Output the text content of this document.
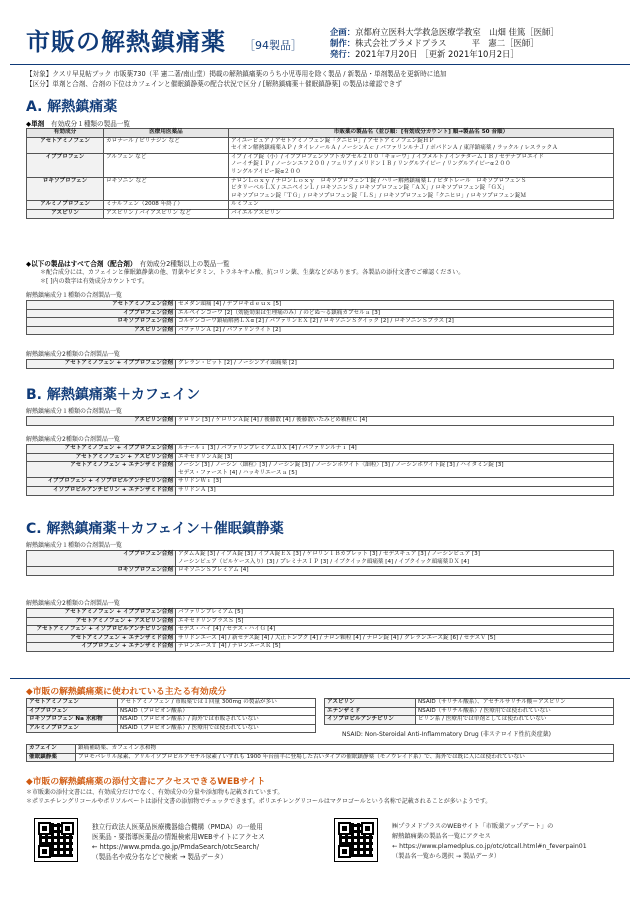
市販の解熱鎮痛薬 ［94製品］
企画：京都府立医科大学救急医療学教室　山畑 佳篤［医師］
制作：株式会社プラメドプラス　　　平　憲二［医師］
発行：2021年7月20日 ［更新 2021年10月2日］
【対象】クスリ早見帖ブック 市販薬730（平 憲二著/南山堂）掲載の解熱鎮痛薬のうち小児専用を除く製品 / 新製品・単剤製品を更新時に追加
【区分】単剤と合剤、合剤の下位はカフェインと催眠鎮静薬の配合状況で区分 / [解熱鎮痛薬＋催眠鎮静薬] の製品は確認できず
A. 解熱鎮痛薬
◆単剤　 有効成分１種類の製品一覧
有効成分	医療用医薬品	市販薬の製品名（並び順：[有効成分カウント] 順→製品名 50 音順）
アセトアミノフェン	カロナール / ピリナジン など	アイユーピュア / アセトアミノフェン錠「クニヒロ」/ アセトアミノフェン錠ＨＰ
セイオン解熱鎮痛薬ＡＰ / タイレノールＡ / ノーシンＡｃ / バファリンルナＪ / ポパドンＡ / 東洋鎮痛薬 / ラックル / レスラックＡ
イブプロフェン	ブルフェン など	イブ / イブ錠（小）/ イブプロフェンソフトカプセル２００「キョーワ」/ イブメルト / インテタームＩＢ / セデナプロエイド
ノーイチ錠ＩＰ / ノーシンエフ２００ / フェリア / メリドンＩＢ / リングルアイビー / リングルアイビーα２００
リングルアイビー錠α２００
ロキソプロフェン	ロキソニン など	ナロンＬｏｘｙ / ナロンＬｏｘｙ　ロキソプロフェンＴ錠 / ハリー解熱鎮痛薬Ｌ / ピタトレール　ロキソプロフェンＳ
ビタリーベルＬＸ / ユニペインＬ / ロキソニンＳ / ロキソプロフェン錠「ＡＸ」/ ロキソプロフェン錠「ＧＸ」
ロキソプロフェン錠「ＴＧ」/ ロキソプロフェン錠「ＬＳ」/ ロキソプロフェン錠「クニヒロ」/ ロキソプロフェン錠Ｍ
アルミノプロフェン	ミナルフェン（2008 年終了）	ルミフェン
アスピリン	アスピリン / バイアスピリン など	バイエルアスピリン
◆以下の製品はすべて合剤（配合剤）　 有効成分2種類以上の製品一覧
＊配合成分には、カフェインと催眠鎮静薬の他、胃薬やビタミン、トラネキサム酸、抗コリン薬、生薬などがあります。各製品の添付文書でご確認ください。
＊[ ]内の数字は有効成分カウントです。
解熱鎮痛成分１種類の合剤製品一覧
アセトアミノフェン合剤	セメダン頭痛 [4] / デプロキｄｅｕｘ [5]
イブプロフェン合剤	エルペインコーワ [2]（効能効果は生理痛のみ）/ のどぬ～る鎮痛カプセルａ [3]
ロキソプロフェン合剤	コルゲンコーワ鎮痛解熱ＬＸα [2] / バファリンＥＸ [2] / ロキソニンＳクイック [2] / ロキソニンＳプラス [2]
アスピリン合剤	バファリンＡ [2] / バファリンライト [2]
解熱鎮痛成分2種類の合剤製品一覧
アセトアミノフェン + イブプロフェン合剤	グレラン・ビット [2] / ノーシンアイ頭痛薬 [2]
B. 解熱鎮痛薬＋カフェイン
解熱鎮痛成分１種類の合剤製品一覧
アスピリン合剤	ケロリン [3] / ケロリンＡ錠 [4] / 後藤散 [4] / 後藤散いたみどめ顆粒Ｃ [4]
解熱鎮痛成分2種類の合剤製品一覧
アセトアミノフェン + イブプロフェン合剤	ルナールｉ [3] / バファリンプレミアムＤＸ [4] / バファリンルナｉ [4]
アセトアミノフェン + アスピリン合剤	エキセドリンＡ錠 [3]
アセトアミノフェン + エテンザミド合剤	ノーシン [3] / ノーシン〈細粒〉[3] / ノーシン錠 [3] / ノーシンホワイト〈細粒〉[3] / ノーシンホワイト錠 [3] / ハイタミン錠 [3]
セデス・ファースト [4] / ハッキリエースａ [5]
イブプロフェン + イソプロピルアンチピリン合剤	サリドンＷｉ [3]
イソプロピルアンチピリン + エテンザミド合剤	サリドンＡ [3]
C. 解熱鎮痛薬＋カフェイン＋催眠鎮静薬
解熱鎮痛成分１種類の合剤製品一覧
イブプロフェン合剤	アダムＡ錠 [3] / イブＡ錠 [3] / イブＡ錠ＥＸ [3] / ケロリンＩＢカプレット [3] / セデスキュア [3] / ノーシンピュア [3]
ノーシンピュア（ビルケース入り）[3] / プレミナスＩＰ [3] / イブクイック頭痛薬 [4] / イブクイック頭痛薬ＤＸ [4]
ロキソプロフェン合剤	ロキソニンＳプレミアム [4]
解熱鎮痛成分2種類の合剤製品一覧
アセトアミノフェン + イブプロフェン合剤	バファリンプレミアム [5]
アセトアミノフェン + アスピリン合剤	エキセドリンプラスＳ [5]
アセトアミノフェン + イソプロピルアンチピリン合剤	セデス・ハイ [4] / セデス・ハイＧ [4]
アセトアミノフェン + エテンザミド合剤	サリドンエース [4] / 新セデス錠 [4] / 大正トンプク [4] / ナロン顆粒 [4] / ナロン錠 [4] / グレランエース錠 [6] / セデスＶ [5]
イブプロフェン + エテンザミド合剤	ナロンエースＴ [4] / ナロンエースＲ [5]
◆市販の解熱鎮痛薬に使われている主たる有効成分
アセトアミノフェン	アセトアミノフェン / 市販薬では１回量 300mg の製品が多い
イブプロフェン	NSAID（プロピオン酸系）
ロキソプロフェン Na 水和物	NSAID（プロピオン酸系）/ 海外では市販されていない
アルミノプロフェン	NSAID（プロピオン酸系）/ 医療用では使われていない
アスピリン	NSAID（サリチル酸系）、アセチルサリチル酸＝アスピリン
エテンザミド	NSAID（サリチル酸系）/ 医療用では使われていない
イソプロピルアンチピリン	ピリン系 / 医療用では単剤としては使われていない
NSAID: Non-Steroidal Anti-Inflammatory Drug (非ステロイド性抗炎症薬)
カフェイン	鎮痛補助薬、カフェイン水和物
催眠鎮静薬	ブロモバレリル尿素、アリルイソプロピルアセチル尿素 / いずれも 1900 年台前半に登場した古いタイプの催眠鎮静薬（モノウレイド系）で、海外では既に人には使われていない
◆市販の解熱鎮痛薬の添付文書にアクセスできるWEBサイト
＊市販薬の添付文書には、有効成分だけでなく、有効成分の分量や添加物も記載されています。
＊ポリエチレングリコールやポリソルベートは添付文書の添加物でチェックできます。ポリエチレングリコールはマクロゴールという名称で記載されることが多いようです。
独立行政法人医薬品医療機器総合機構（PMDA）の一般用
医薬品・要指導医薬品の情報検索用WEBサイトにアクセス
← https://www.pmda.go.jp/PmdaSearch/otcSearch/
（製品名や成分名などで検索 → 製品データ）
㈱プラメドプラスのWEBサイト「市販薬アップデート」の
解熱鎮痛薬の製品名一覧にアクセス
← https://www.plamedplus.co.jp/otc/otcall.html#n_feverpain01
（製品名一覧から選択 → 製品データ）
